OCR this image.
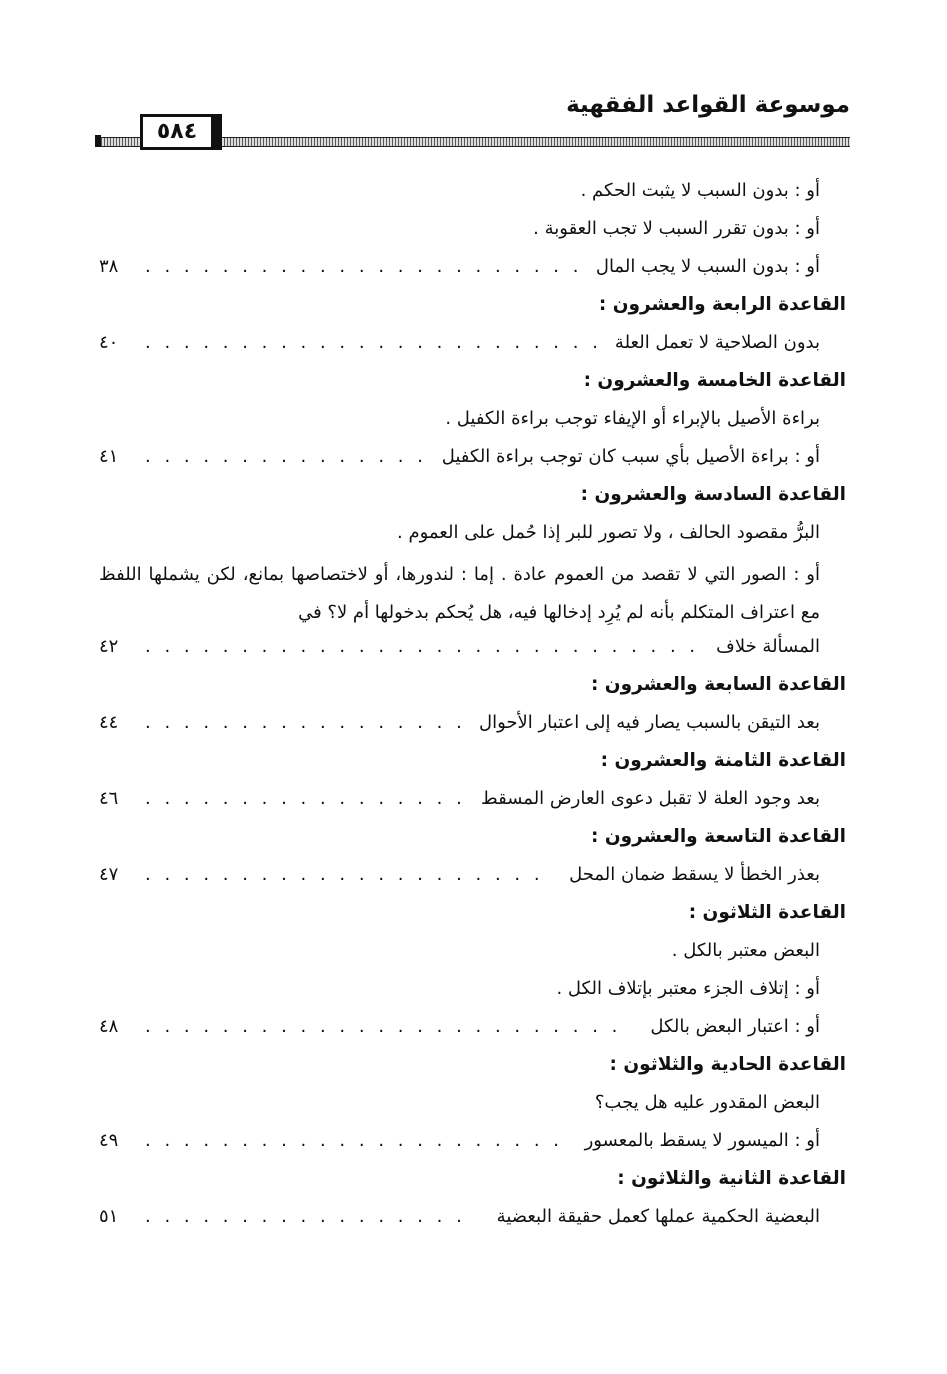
موسوعة القواعد الفقهية
٥٨٤
أو : بدون السبب لا يثبت الحكم .
أو : بدون تقرر السبب لا تجب العقوبة .
أو : بدون السبب لا يجب المال
. . . . . . . . . . . . . . . . . . . . . . .
٣٨
القاعدة الرابعة والعشرون :
بدون الصلاحية لا تعمل العلة
. . . . . . . . . . . . . . . . . . . . . . . .
٤٠
القاعدة الخامسة والعشرون :
براءة الأصيل بالإبراء أو الإيفاء توجب براءة الكفيل .
أو : براءة الأصيل بأي سبب كان توجب براءة الكفيل
. . . . . . . . . . . . . . .
٤١
القاعدة السادسة والعشرون :
البرُّ مقصود الحالف ، ولا تصور للبر إذا حُمل على العموم .
أو : الصور التي لا تقصد من العموم عادة . إما : لندورها، أو لاختصاصها بمانع، لكن يشملها اللفظ مع اعتراف المتكلم بأنه لم يُرِد إدخالها فيه، هل يُحكم بدخولها أم لا؟ في
المسألة خلاف
. . . . . . . . . . . . . . . . . . . . . . . . . . . . .
٤٢
القاعدة السابعة والعشرون :
بعد التيقن بالسبب يصار فيه إلى اعتبار الأحوال
. . . . . . . . . . . . . . . . .
٤٤
القاعدة الثامنة والعشرون :
بعد وجود العلة لا تقبل دعوى العارض المسقط
. . . . . . . . . . . . . . . . .
٤٦
القاعدة التاسعة والعشرون :
بعذر الخطأ لا يسقط ضمان المحل
. . . . . . . . . . . . . . . . . . . . .
٤٧
القاعدة الثلاثون :
البعض معتبر بالكل .
أو : إتلاف الجزء معتبر بإتلاف الكل .
أو : اعتبار البعض بالكل
. . . . . . . . . . . . . . . . . . . . . . . . .
٤٨
القاعدة الحادية والثلاثون :
البعض المقدور عليه هل يجب؟
أو : الميسور لا يسقط بالمعسور
. . . . . . . . . . . . . . . . . . . . . .
٤٩
القاعدة الثانية والثلاثون :
البعضية الحكمية عملها كعمل حقيقة البعضية
. . . . . . . . . . . . . . . . .
٥١
